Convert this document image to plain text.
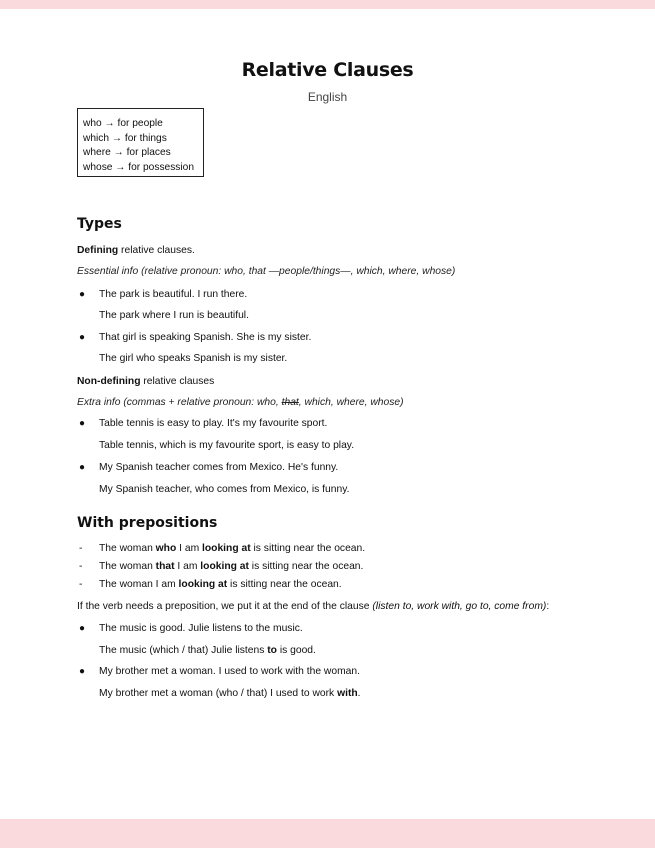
Relative Clauses
English
who → for people
which → for things
where → for places
whose → for possession
Types
Defining relative clauses.
Essential info (relative pronoun: who, that —people/things—, which, where, whose)
● The park is beautiful. I run there.
The park where I run is beautiful.
● That girl is speaking Spanish. She is my sister.
The girl who speaks Spanish is my sister.
Non-defining relative clauses
Extra info (commas + relative pronoun: who, that, which, where, whose)
● Table tennis is easy to play. It's my favourite sport.
Table tennis, which is my favourite sport, is easy to play.
● My Spanish teacher comes from Mexico. He's funny.
My Spanish teacher, who comes from Mexico, is funny.
With prepositions
- The woman who I am looking at is sitting near the ocean.
- The woman that I am looking at is sitting near the ocean.
- The woman I am looking at is sitting near the ocean.
If the verb needs a preposition, we put it at the end of the clause (listen to, work with, go to, come from):
● The music is good. Julie listens to the music.
The music (which / that) Julie listens to is good.
● My brother met a woman. I used to work with the woman.
My brother met a woman (who / that) I used to work with.
